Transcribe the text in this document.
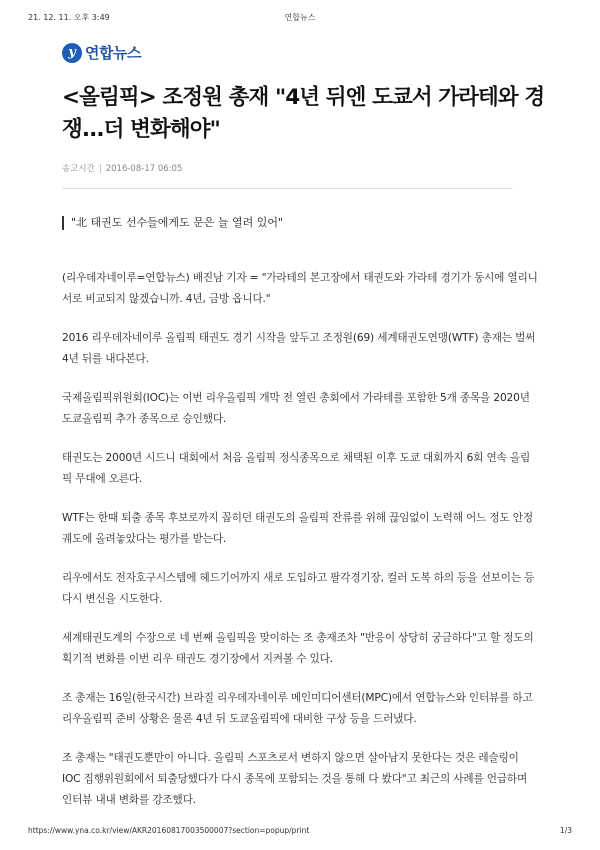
21. 12. 11. 오후 3:49	연합뉴스
y 연합뉴스
<올림픽> 조정원 총재 "4년 뒤엔 도쿄서 가라테와 경쟁...더 변화해야"
송고시간 | 2016-08-17 06:05
"北 태권도 선수들에게도 문은 늘 열려 있어"

(리우데자네이루=연합뉴스) 배진남 기자 = "가라테의 본고장에서 태권도와 가라테 경기가 동시에 열리니 서로 비교되지 않겠습니까. 4년, 금방 옵니다."

2016 리우데자네이루 올림픽 태권도 경기 시작을 앞두고 조정원(69) 세계태권도연맹(WTF) 총재는 벌써 4년 뒤를 내다본다.

국제올림픽위원회(IOC)는 이번 리우올림픽 개막 전 열린 총회에서 가라테를 포함한 5개 종목을 2020년 도쿄올림픽 추가 종목으로 승인했다.

태권도는 2000년 시드니 대회에서 처음 올림픽 정식종목으로 채택된 이후 도쿄 대회까지 6회 연속 올림픽 무대에 오른다.

WTF는 한때 퇴출 종목 후보로까지 꼽히던 태권도의 올림픽 잔류를 위해 끊임없이 노력해 어느 정도 안정 궤도에 올려놓았다는 평가를 받는다.

리우에서도 전자호구시스템에 헤드기어까지 새로 도입하고 팔각경기장, 컬러 도복 하의 등을 선보이는 등 다시 변신을 시도한다.

세계태권도계의 수장으로 네 번째 올림픽을 맞이하는 조 총재조차 "반응이 상당히 궁금하다"고 할 정도의 획기적 변화를 이번 리우 태권도 경기장에서 지켜볼 수 있다.

조 총재는 16일(한국시간) 브라질 리우데자네이루 메인미디어센터(MPC)에서 연합뉴스와 인터뷰를 하고 리우올림픽 준비 상황은 물론 4년 뒤 도쿄올림픽에 대비한 구상 등을 드러냈다.

조 총재는 "태권도뿐만이 아니다. 올림픽 스포츠로서 변하지 않으면 살아남지 못한다는 것은 레슬링이 IOC 집행위원회에서 퇴출당했다가 다시 종목에 포함되는 것을 통해 다 봤다"고 최근의 사례를 언급하며 인터뷰 내내 변화를 강조했다.

https://www.yna.co.kr/view/AKR20160817003500007?section=popup/print	1/3
